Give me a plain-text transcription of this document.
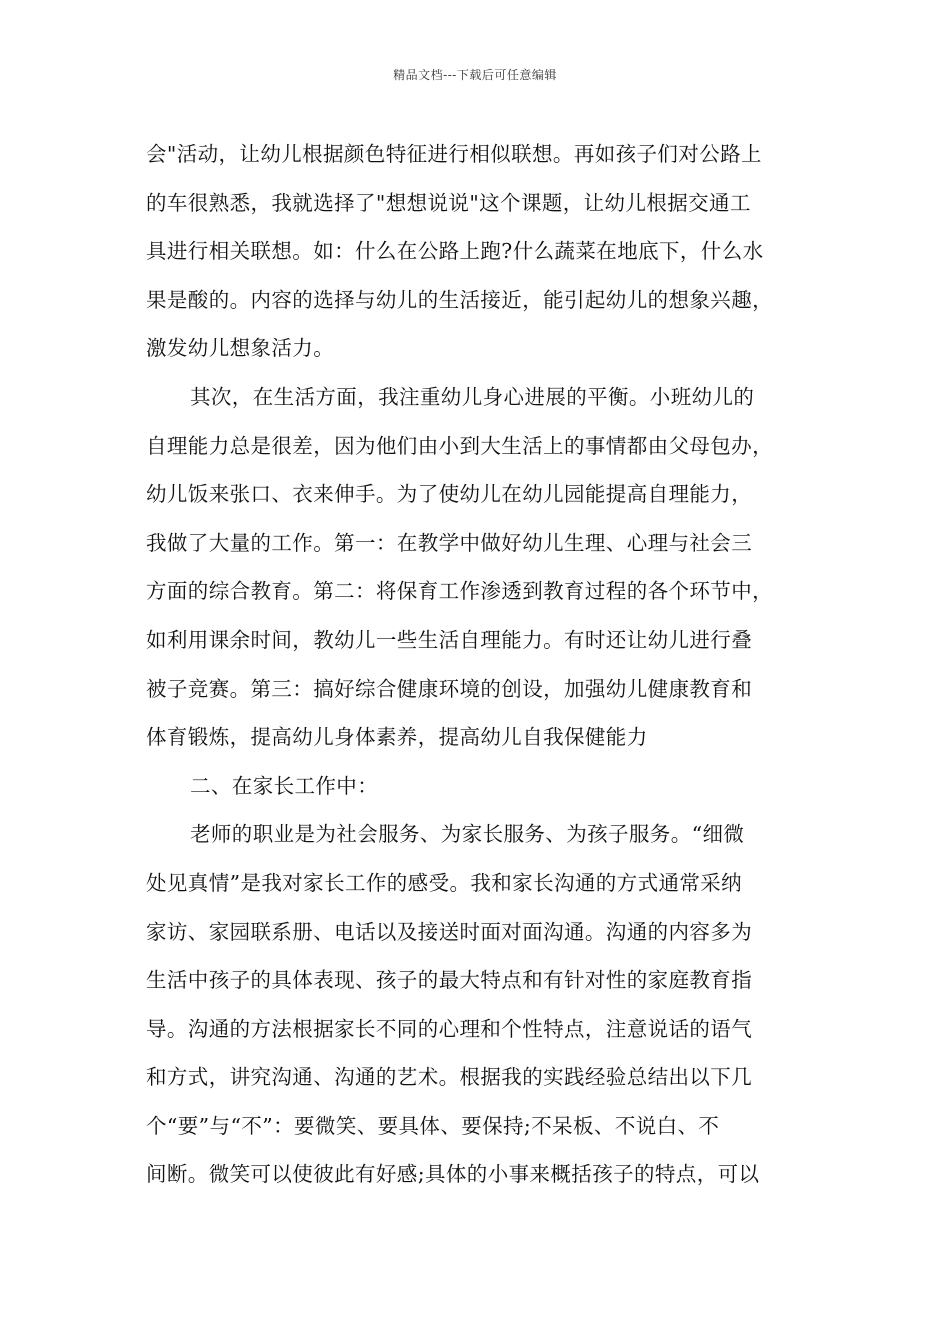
精品文档---下载后可任意编辑
会"活动，让幼儿根据颜色特征进行相似联想。再如孩子们对公路上
的车很熟悉，我就选择了"想想说说"这个课题，让幼儿根据交通工
具进行相关联想。如：什么在公路上跑?什么蔬菜在地底下，什么水
果是酸的。内容的选择与幼儿的生活接近，能引起幼儿的想象兴趣，
激发幼儿想象活力。
其次，在生活方面，我注重幼儿身心进展的平衡。小班幼儿的
自理能力总是很差，因为他们由小到大生活上的事情都由父母包办，
幼儿饭来张口、衣来伸手。为了使幼儿在幼儿园能提高自理能力，
我做了大量的工作。第一：在教学中做好幼儿生理、心理与社会三
方面的综合教育。第二：将保育工作渗透到教育过程的各个环节中，
如利用课余时间，教幼儿一些生活自理能力。有时还让幼儿进行叠
被子竞赛。第三：搞好综合健康环境的创设，加强幼儿健康教育和
体育锻炼，提高幼儿身体素养，提高幼儿自我保健能力
二、在家长工作中：
老师的职业是为社会服务、为家长服务、为孩子服务。“细微
处见真情”是我对家长工作的感受。我和家长沟通的方式通常采纳
家访、家园联系册、电话以及接送时面对面沟通。沟通的内容多为
生活中孩子的具体表现、孩子的最大特点和有针对性的家庭教育指
导。沟通的方法根据家长不同的心理和个性特点，注意说话的语气
和方式，讲究沟通、沟通的艺术。根据我的实践经验总结出以下几
个“要”与“不”：要微笑、要具体、要保持;不呆板、不说白、不
间断。微笑可以使彼此有好感;具体的小事来概括孩子的特点，可以
